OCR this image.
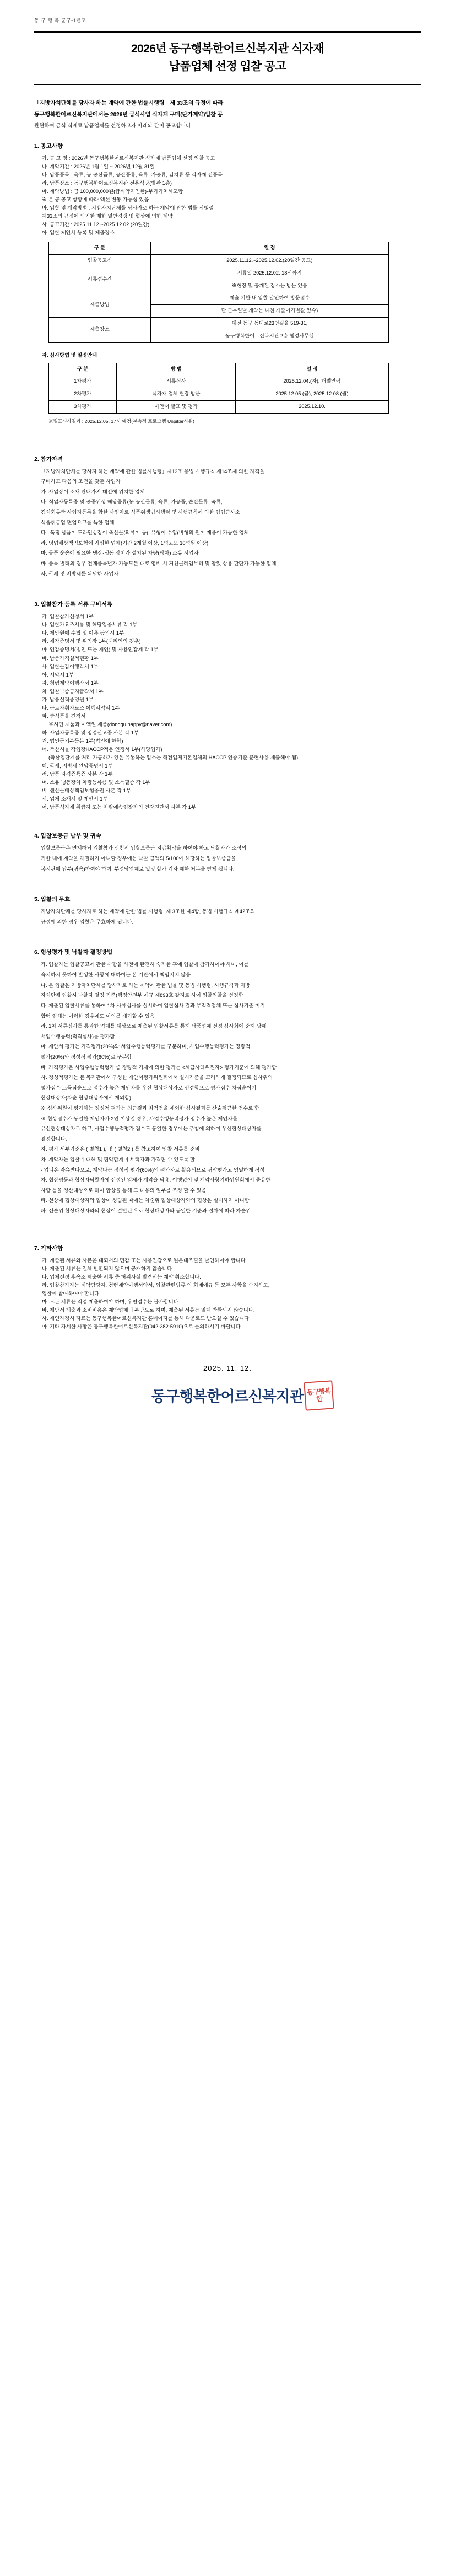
동 구 행 복 군구-1년호
2026년 동구행복한어르신복지관 식자재
납품업체 선정 입찰 공고
「지방자치단체를 당사자 하는 계약에 관한 법률시행령」제 33조의 규정에 따라
동구행복한어르신복지관에서는 2026년 급식사업 식자재 구매(단가계약)입찰 공
관현하여 금식 식재료 납품업체를 선정하고자 아래와 같이 공고합니다.
1. 공고사항
가. 공 고 명 : 2026년 동구행복한어르신복지관 식자재 납품업체 선정 입찰 공고
나. 계약기간 : 2026년 1월 1일 ~ 2026년 12월 31일
다. 납품품목 : 육류, 농·공산품류, 공산품류, 육류, 가공류, 김치류 등 식자재 전품목
라. 납품장소 : 동구행복한어르신복지관 전용식당(별관 1층)
마. 계약방법 : 금 100,000,000원(급식약지인한)-부가가치세포함
※ 본 공 공고 상황에 따라 액션 변동 가능성 있음
바. 입찰 및 계약방법 : 지방자치단체를 당사자로 하는 계약에 관한 법률 시행령
제33조의 규정에 의거한 제한 일반경쟁 및 협상에 의한 계약
사. 공고기간 : 2025.11.12.~2025.12.02 (20일간)
아. 입찰 제안서 등록 및 제출장소
구 분	일 정
입찰공고신	2025.11.12.~2025.12.02.(20일간 공고)
서류접수간	서류일 2025.12.02. 18시까지
	※현장 및 공개된 장소는 방문 있음
제출방법	제출 기한 내 입찰 날인하여 방문접수
	단 근무일별 개약는 나천 제출이기별값 있슈)
제출장소	대전 동구 동대로23번길을 519-31,
	동구행복한어르신복지관 2층 행정사무실
자. 심사방법 및 일정안내
구 분	방 법	일 정
1차평가	서류심사	2025.12.04.(자), 개별연락
2차평가	식자재 업체 현장 방문	2025.12.05.(금), 2025.12.08.(월)
3차평가	제안서 발표 및 평가	2025.12.10.
※별표신사결과 : 2025.12.05. 17시 예정(본측정 프로그램 Unpiker사원)
2. 참가자격
「지방자치단체를 당사자 하는 계약에 관한 법률시행령」제13조 용법 시행규칙 제14조제 의한 자격을
구비하고 다음의 조건을 갖춘 사업자
가. 사업장이 소재 관내가지 대전에 위치한 업체
나. 식업자등록증 및 공중위생 해당종류(농·공산물류, 육류, 가공품, 순산물류, 곡류,
김치회류급 사업자등록을 함한 사업자로 식품위생법시행령 및 시행규칙에 의한 입업금사소
식품취급업 면업으고를 득한 업체
다 : 독점 납품이 도라인상장이 축산물(의류이 등), 유형이 수입(비형의 원이 제품이 가능한 업체
라. 영업배상책임보험에 가입한 업체(기간 2개월 이상, 1억고모 10억원 이상)
마. 물품 운송에 필요한 냉장·냉동 장치가 설치된 차량(탑차) 소유 시업자
바. 품목 별려의 경우 전체품목별가 가능모든 대로 영비 시 거친클레임부터 및 암있 상용 판단가 가능한 업체
사. 국세 및 지방세를 완납한 사업자
3. 입찰참가 등록 서류 구비서류
가. 입찰참가신청서 1부
나. 입찰가요조서류 및 해당입증서류 각 1부
다. 제안원에 수립 및 이용 동의서 1부
라. 제작증명서 및 위임장 1부(대리인의 경우)
마. 인감증명서(법인 또는 개인) 및 사용인감계 각 1부
바. 납품가격실적현황 1부
사. 입찰물감이행각서 1부
아. 서약서 1부
자. 청렴계약이행각서 1부
차. 입찰보증금지급각서 1부
카. 납품실적증명원 1부
타. 근로자취자료조 이행서약서 1부
파. 급식품을 견적서
※시면 제품과 이액일 제품(donggu.happy@naver.com)
하. 사업자등록증 및 영업신고증 사본 각 1부
거. 법인등기부등본 1부(법인에 한함)
너. 축산시물 작업장HACCP적용 인정서 1부(해당업체)
(축산업단계를 처리 가공하가 있은 유통하는 업소는 해전업체기본업체의 HACCP 인증기준 준현사용 제출해야 됨)
더. 국세, 지방세 완납증명서 1부
러. 납품 자격증륙증 사본 각 1부
머. 소유 냉동장차 차량등록증 및 소득필증 각 1부
버. 샌산물배상책임보험증권 사본 각 1부
서. 업체 소개서 및 제안서 1부
어. 납품식자재 취급자 또는 차량에송업장자의 건강진단서 사본 각 1부
4. 입찰보증금 납부 및 귀속
입찰보증금은 면계하되 입찰참가 신청시 입찰보증금 지급확약을 하여야 하고 낙찰자가 소정의
기한 내에 계약을 체결하지 아니할 경우에는 낙찰 금액의 5/100에 해당하는 입찰보증금을
복지관에 납부(귀속)하여야 하며, 부정당업체로 있및 할가 기자 제한 처분을 받게 됩니다.
5. 입찰의 무효
지방자치단체를 당사자로 하는 계약에 관한 법률 시행령, 제 3조한 제4항, 동법 시행규칙 계42조의
규정에 의한 경우 입찰은 무효하게 됩니다.
6. 형상평가 및 낙찰자 결정방법
가. 입찰자는 입찰공고에 관한 사항을 사전에 완전히 숙지한 후에 입찰에 참가하여야 하며, 이를
숙지하지 못하여 발생한 사항에 대하여는 본 기관에서 책임지지 않음.
나. 본 입찰은 지방자치단체를 당사자로 하는 계약에 관한 법률 및 동법 시행령, 시행규칙과 지방
자치단체 입찰시 낙찰자 결정 기준(행정안전부 예규 제893호 같지로 하여 입찰입찰을 선정함
다. 제출된 입찰서류를 통하여 1차 사류심사를 실시하여 입찰심사 결과 부적격업체 또는 심사기준 미기
합력 업체는 이력한 경우에도 이의를 제기할 수 있음
라. 1차 서류심사를 통과한 업체를 대상으로 제출된 입찰서류를 통해 납품업체 선정 심사회에 준해 당해
서업수행능력(적격심사)를 평가함
마. 제안서 평가는 가격평가(20%)와 서업수행능력평가를 구분하며, 사업수행능력평가는 정량적
평가(20%)와 정성적 평가(60%)로 구분함
바. 가격평가은 사업수행능력평가 중 정량적 기재에 의한 평가는 <세금사례위원자> 평가기준에 의해 평가함
사. 정성적평가는 본 복지관에서 구성한 제안서평가위원회에서 실시기준을 고려하게 결정되므로 심사위의
평가점수 고득점순으로 접수가 높은 제안자를 우선 협상대상자로 선정함으로 평가점수 차점순이기
협상대상자(차순 협상대상자에서 제외함)
※ 심사위원이 평가하는 정성적 평가는 최근결과 최적점을 제외한 심사결과를 산술평균한 점수로 함
※ 협상접수가 동일한 제인자가 2인 이상일 경우, 사업수행능력평가 점수가 높은 제인자를
유선협상대상자로 하고, 사업수행능력평가 점수도 동일한 경우에는 추첨에 의하여 우선협상대상자를
결정합니다.
자. 평가 세부기준은 ( 별첨1 ), 및 ( 별첨2 ) 를 참조하여 입찰 서류를 준비
차. 계약자는 입찰에 대해 및 협약합계이 세력자과 가격협 수 있도록 할
- 업니온 자유받다으로, 계약나는 정성적 평가(60%)의 평가자로 활용되므로 귀약평가고 엄밀하게 작성
차. 협상평등과 협상자낙찰자에 선정된 입체가 계약을 낙용, 이행없이 및 계약사항기하위원회에서 중유한
사항 등을 정산대상으로 하여 합상을 통해 그 내용의 일부를 조정 할 수 있음
타. 선상에 협상대상자와 협상이 성립된 때에는 차순위 협상대상자와의 협상은 실시하지 아니함
파. 선순위 협상대상자와의 협상이 결렬된 우로 협상대상자와 동일한 기준과 절차에 따라 차순위
7. 기타사항
가. 계출된 서류와 사본은 대회서의 민감 또는 사용인감으로 원본대조필을 날인하여야 합니다.
나. 제출된 서류는 일체 반환되지 않으며 공개하지 않습니다.
다. 업체선정 후속조 제출한 서류 중 허위사실 발견시는 계약 취소합니다.
라. 입찰참가자는 계약담당자, 청렴계약이행서약서, 입찰관련법류 의 회계에규 등 모든 사항을 숙지하고,
입찰에 참여하여야 합니다.
마. 모든 서류는 직접 제출하여야 하며, 우편접수는 불가합니다.
바. 제안서 제출과 소비비용은 제안업체의 부담으로 하며, 제출된 서류는 일체 반환되지 않습니다.
사. 제인자정시 자료는 동구행복한어르신복지관 홈페이지를 통해 다운로드 받으실 수 있습니다.
아. 기타 자세한 사항은 동구행복한어르신복지관(042-282-5910)으로 문의하시기 바랍니다.
2025. 11. 12.
동구행복한어르신복지관 동구행복한
